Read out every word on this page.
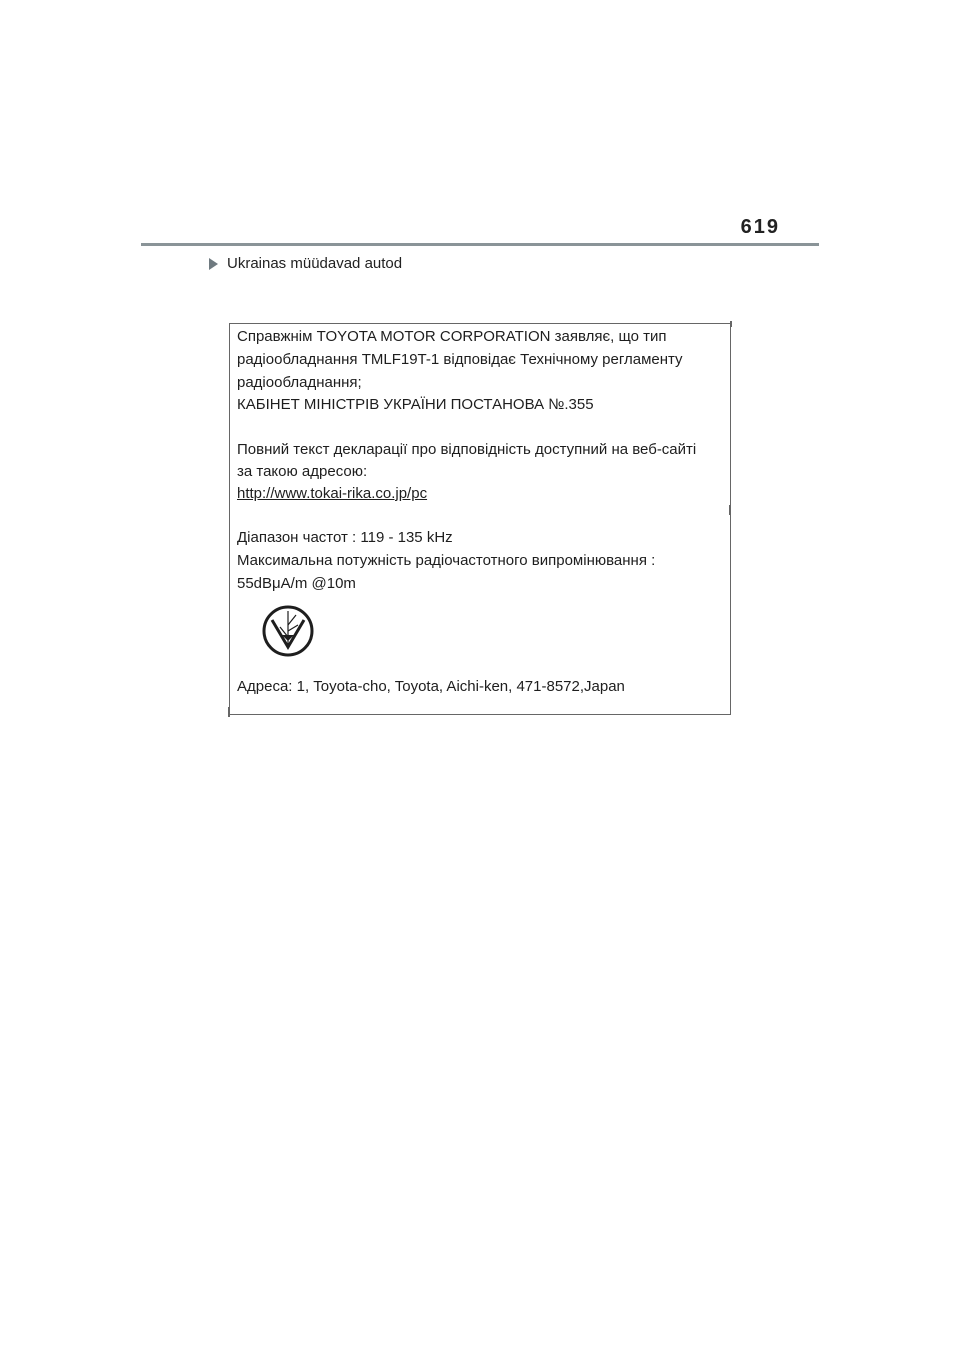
619
Ukrainas müüdavad autod
Справжнім TOYOTA MOTOR CORPORATION заявляє, що тип
радіообладнання TMLF19T-1 відповідає Технічному регламенту
радіообладнання;
КАБІНЕТ МІНІСТРІВ УКРАЇНИ ПОСТАНОВА №.355
Повний текст декларації про відповідність доступний на веб-сайті
за такою адресою:
http://www.tokai-rika.co.jp/pc
Діапазон частот : 119 - 135 kHz
Максимальна потужність радіочастотного випромінювання :
55dBμA/m @10m
Адреса: 1, Toyota-cho, Toyota, Aichi-ken, 471-8572,Japan
